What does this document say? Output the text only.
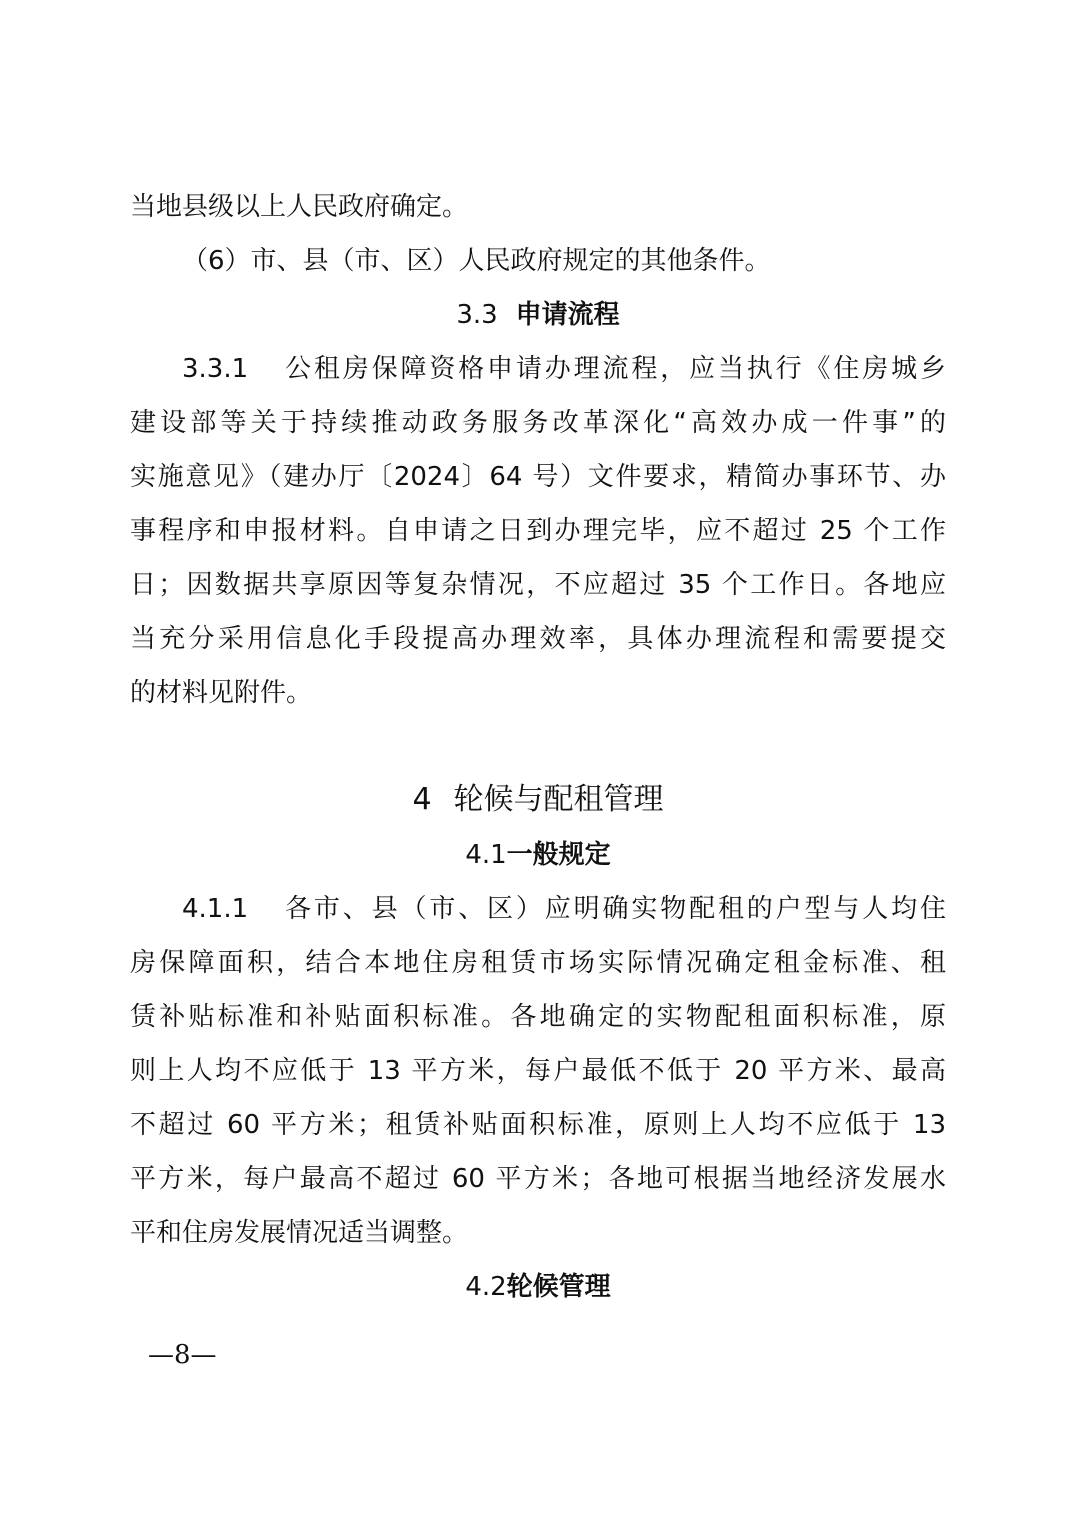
当地县级以上人民政府确定。
（6）市、县（市、区）人民政府规定的其他条件。
3.3 申请流程
3.3.1 公租房保障资格申请办理流程，应当执行《住房城乡
建设部等关于持续推动政务服务改革深化“高效办成一件事”的
实施意见》（建办厅〔2024〕64 号）文件要求，精简办事环节、办
事程序和申报材料。自申请之日到办理完毕，应不超过 25 个工作
日；因数据共享原因等复杂情况，不应超过 35 个工作日。各地应
当充分采用信息化手段提高办理效率，具体办理流程和需要提交
的材料见附件。
4 轮候与配租管理
4.1一般规定
4.1.1 各市、县（市、区）应明确实物配租的户型与人均住
房保障面积，结合本地住房租赁市场实际情况确定租金标准、租
赁补贴标准和补贴面积标准。各地确定的实物配租面积标准，原
则上人均不应低于 13 平方米，每户最低不低于 20 平方米、最高
不超过 60 平方米；租赁补贴面积标准，原则上人均不应低于 13
平方米，每户最高不超过 60 平方米；各地可根据当地经济发展水
平和住房发展情况适当调整。
4.2轮候管理
—8—
